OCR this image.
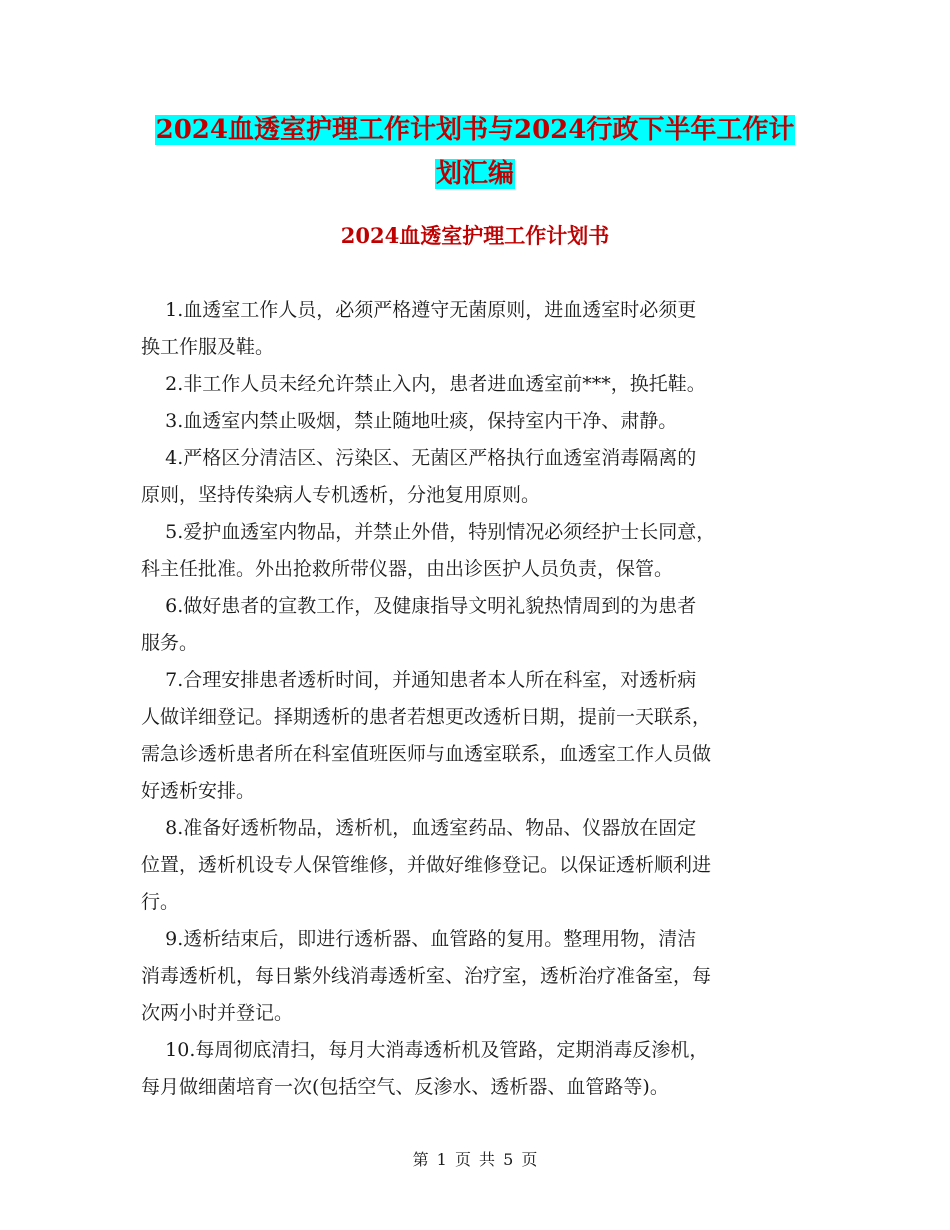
2024血透室护理工作计划书与2024行政下半年工作计
划汇编
2024血透室护理工作计划书
1.血透室工作人员，必须严格遵守无菌原则，进血透室时必须更
换工作服及鞋。
2.非工作人员未经允许禁止入内，患者进血透室前***，换托鞋。
3.血透室内禁止吸烟，禁止随地吐痰，保持室内干净、肃静。
4.严格区分清洁区、污染区、无菌区严格执行血透室消毒隔离的
原则，坚持传染病人专机透析，分池复用原则。
5.爱护血透室内物品，并禁止外借，特别情况必须经护士长同意，
科主任批准。外出抢救所带仪器，由出诊医护人员负责，保管。
6.做好患者的宣教工作，及健康指导文明礼貌热情周到的为患者
服务。
7.合理安排患者透析时间，并通知患者本人所在科室，对透析病
人做详细登记。择期透析的患者若想更改透析日期，提前一天联系，
需急诊透析患者所在科室值班医师与血透室联系，血透室工作人员做
好透析安排。
8.准备好透析物品，透析机，血透室药品、物品、仪器放在固定
位置，透析机设专人保管维修，并做好维修登记。以保证透析顺利进
行。
9.透析结束后，即进行透析器、血管路的复用。整理用物，清洁
消毒透析机，每日紫外线消毒透析室、治疗室，透析治疗准备室，每
次两小时并登记。
10.每周彻底清扫，每月大消毒透析机及管路，定期消毒反渗机，
每月做细菌培育一次(包括空气、反渗水、透析器、血管路等)。
第 1 页 共 5 页
